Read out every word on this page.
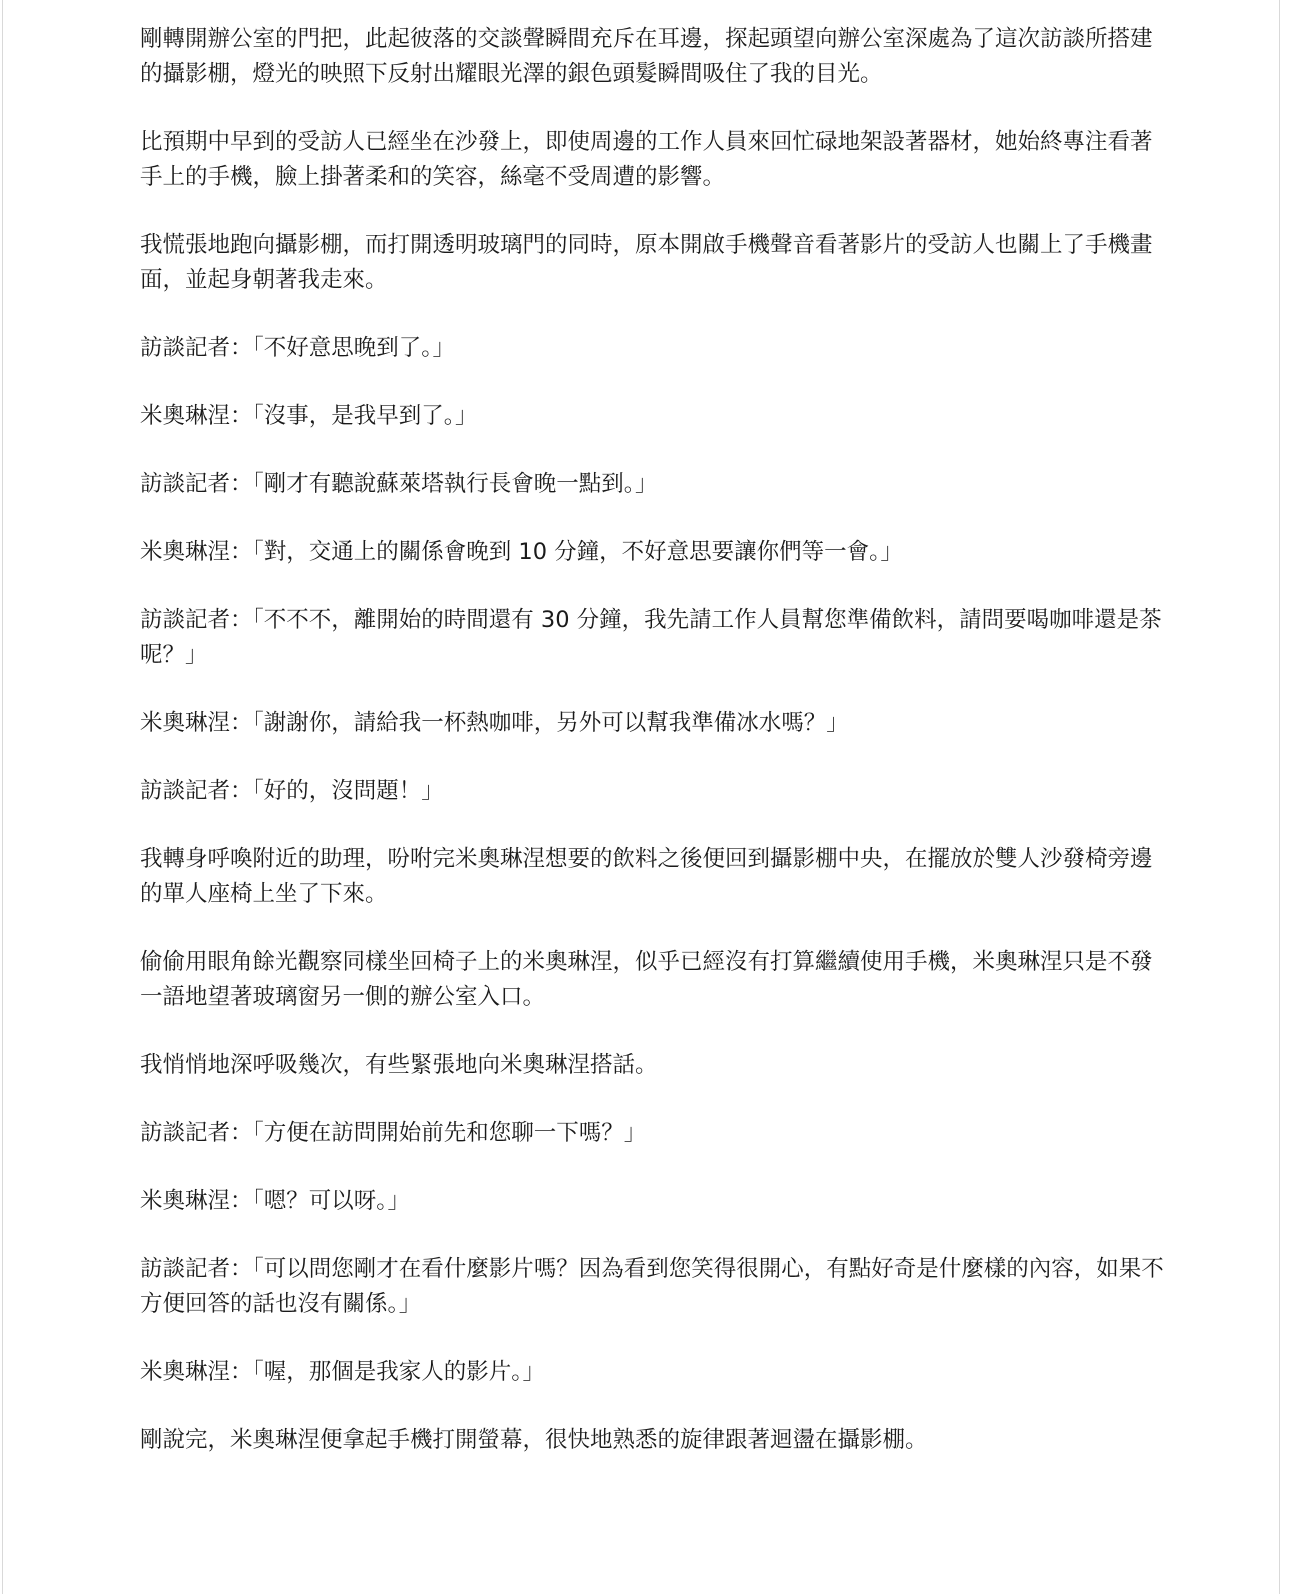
剛轉開辦公室的門把，此起彼落的交談聲瞬間充斥在耳邊，探起頭望向辦公室深處為了這次訪談所搭建的攝影棚，燈光的映照下反射出耀眼光澤的銀色頭髮瞬間吸住了我的目光。

比預期中早到的受訪人已經坐在沙發上，即使周邊的工作人員來回忙碌地架設著器材，她始終專注看著手上的手機，臉上掛著柔和的笑容，絲毫不受周遭的影響。

我慌張地跑向攝影棚，而打開透明玻璃門的同時，原本開啟手機聲音看著影片的受訪人也關上了手機畫面，並起身朝著我走來。

訪談記者：「不好意思晚到了。」

米奧琳涅：「沒事，是我早到了。」

訪談記者：「剛才有聽說蘇萊塔執行長會晚一點到。」

米奧琳涅：「對，交通上的關係會晚到 10 分鐘，不好意思要讓你們等一會。」

訪談記者：「不不不，離開始的時間還有 30 分鐘，我先請工作人員幫您準備飲料，請問要喝咖啡還是茶呢？」

米奧琳涅：「謝謝你，請給我一杯熱咖啡，另外可以幫我準備冰水嗎？」

訪談記者：「好的，沒問題！」

我轉身呼喚附近的助理，吩咐完米奧琳涅想要的飲料之後便回到攝影棚中央，在擺放於雙人沙發椅旁邊的單人座椅上坐了下來。

偷偷用眼角餘光觀察同樣坐回椅子上的米奧琳涅，似乎已經沒有打算繼續使用手機，米奧琳涅只是不發一語地望著玻璃窗另一側的辦公室入口。

我悄悄地深呼吸幾次，有些緊張地向米奧琳涅搭話。

訪談記者：「方便在訪問開始前先和您聊一下嗎？」

米奧琳涅：「嗯？可以呀。」

訪談記者：「可以問您剛才在看什麼影片嗎？因為看到您笑得很開心，有點好奇是什麼樣的內容，如果不方便回答的話也沒有關係。」

米奧琳涅：「喔，那個是我家人的影片。」

剛說完，米奧琳涅便拿起手機打開螢幕，很快地熟悉的旋律跟著迴盪在攝影棚。
